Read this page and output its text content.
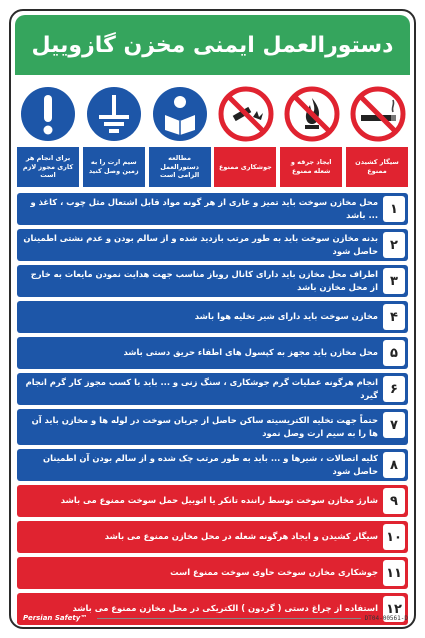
دستورالعمل ایمنی مخزن گازوییل
برای انجام هر کاری مجوز لازم است
سیم ارت را به زمین وصل کنید
مطالعه دستورالعمل الزامی است
جوشکاری ممنوع
ایجاد جرقه و شعله ممنوع
سیگار کشیدن ممنوع
۱
محل مخازن سوخت باید تمیز و عاری از هر گونه مواد قابل اشتعال مثل چوب ، کاغذ و ... باشد
۲
بدنه مخازن سوخت باید به طور مرتب بازدید شده و از سالم بودن و عدم نشتی اطمینان حاصل شود
۳
اطراف محل مخازن باید دارای کانال روباز مناسب جهت هدایت نمودن مایعات به خارج از محل مخازن باشد
۴
مخازن سوخت باید دارای شیر تخلیه هوا باشد
۵
محل مخازن باید مجهز به کپسول های اطفاء حریق دستی باشد
۶
انجام هرگونه عملیات گرم جوشکاری ، سنگ زنی و ... باید با کسب مجوز کار گرم انجام گیرد
۷
حتماً جهت تخلیه الکتریسیته ساکن حاصل از جریان سوخت در لوله ها و مخازن باید آن ها را به سیم ارت وصل نمود
۸
کلیه اتصالات ، شیرها و ... باید به طور مرتب چک شده و از سالم بودن آن اطمینان حاصل شود
۹
شارژ مخازن سوخت توسط راننده تانکر یا اتوبیل حمل سوخت ممنوع می باشد
۱۰
سیگار کشیدن و ایجاد هرگونه شعله در محل مخازن ممنوع می باشد
۱۱
جوشکاری مخازن سوخت حاوی سوخت ممنوع است
۱۲
استفاده از چراغ دستی ( گردون ) الکتریکی در محل مخازن ممنوع می باشد
Persian Safety™	DT04-00561-D
